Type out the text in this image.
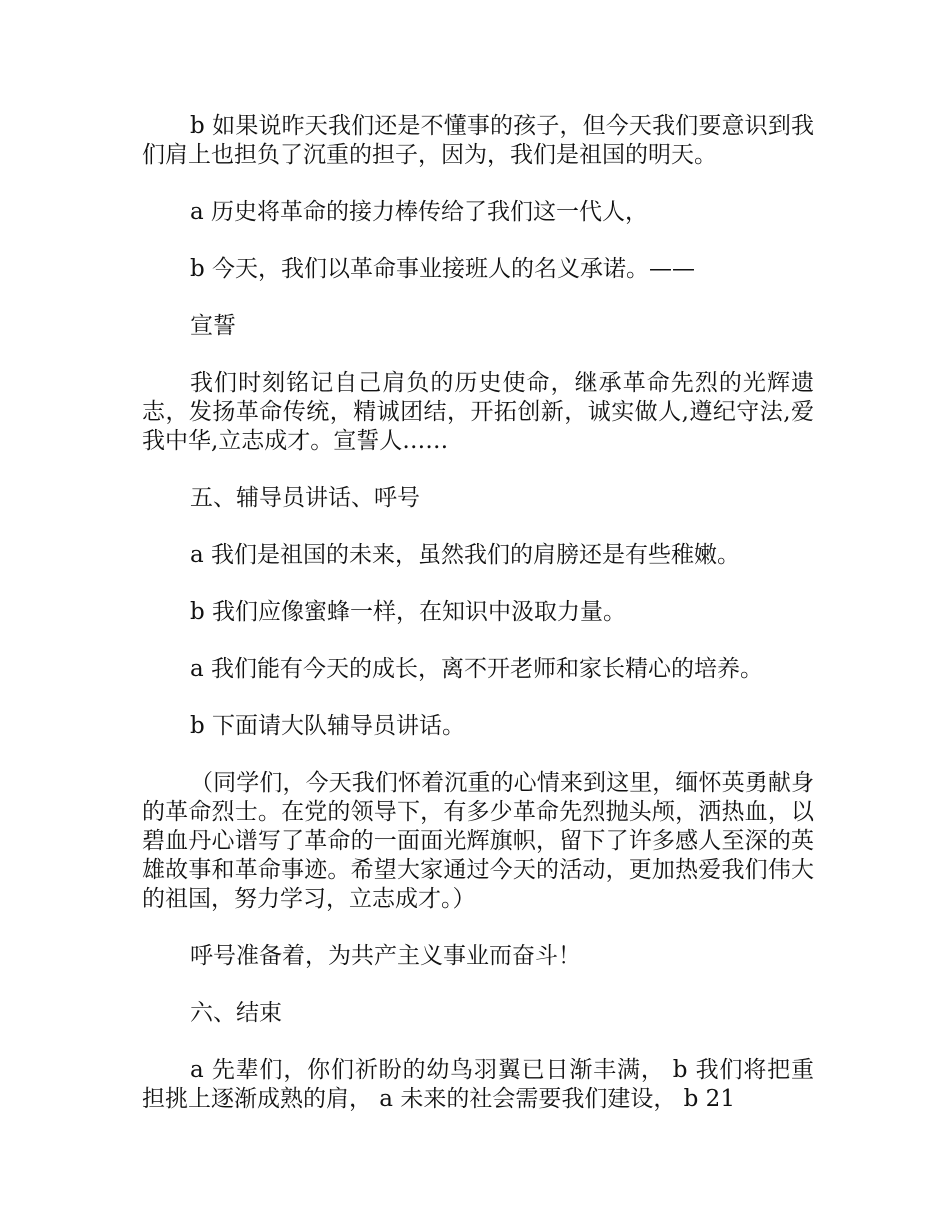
b 如果说昨天我们还是不懂事的孩子，但今天我们要意识到我们肩上也担负了沉重的担子，因为，我们是祖国的明天。

a 历史将革命的接力棒传给了我们这一代人，

b 今天，我们以革命事业接班人的名义承诺。——

宣誓

我们时刻铭记自己肩负的历史使命，继承革命先烈的光辉遗志，发扬革命传统，精诚团结，开拓创新，诚实做人,遵纪守法,爱我中华,立志成才。宣誓人……

五、辅导员讲话、呼号

a 我们是祖国的未来，虽然我们的肩膀还是有些稚嫩。

b 我们应像蜜蜂一样，在知识中汲取力量。

a 我们能有今天的成长，离不开老师和家长精心的培养。

b 下面请大队辅导员讲话。

（同学们，今天我们怀着沉重的心情来到这里，缅怀英勇献身的革命烈士。在党的领导下，有多少革命先烈抛头颅，洒热血，以碧血丹心谱写了革命的一面面光辉旗帜，留下了许多感人至深的英雄故事和革命事迹。希望大家通过今天的活动，更加热爱我们伟大的祖国，努力学习，立志成才。）

呼号准备着，为共产主义事业而奋斗！

六、结束

a 先辈们，你们祈盼的幼鸟羽翼已日渐丰满， b 我们将把重担挑上逐渐成熟的肩， a 未来的社会需要我们建设， b 21
